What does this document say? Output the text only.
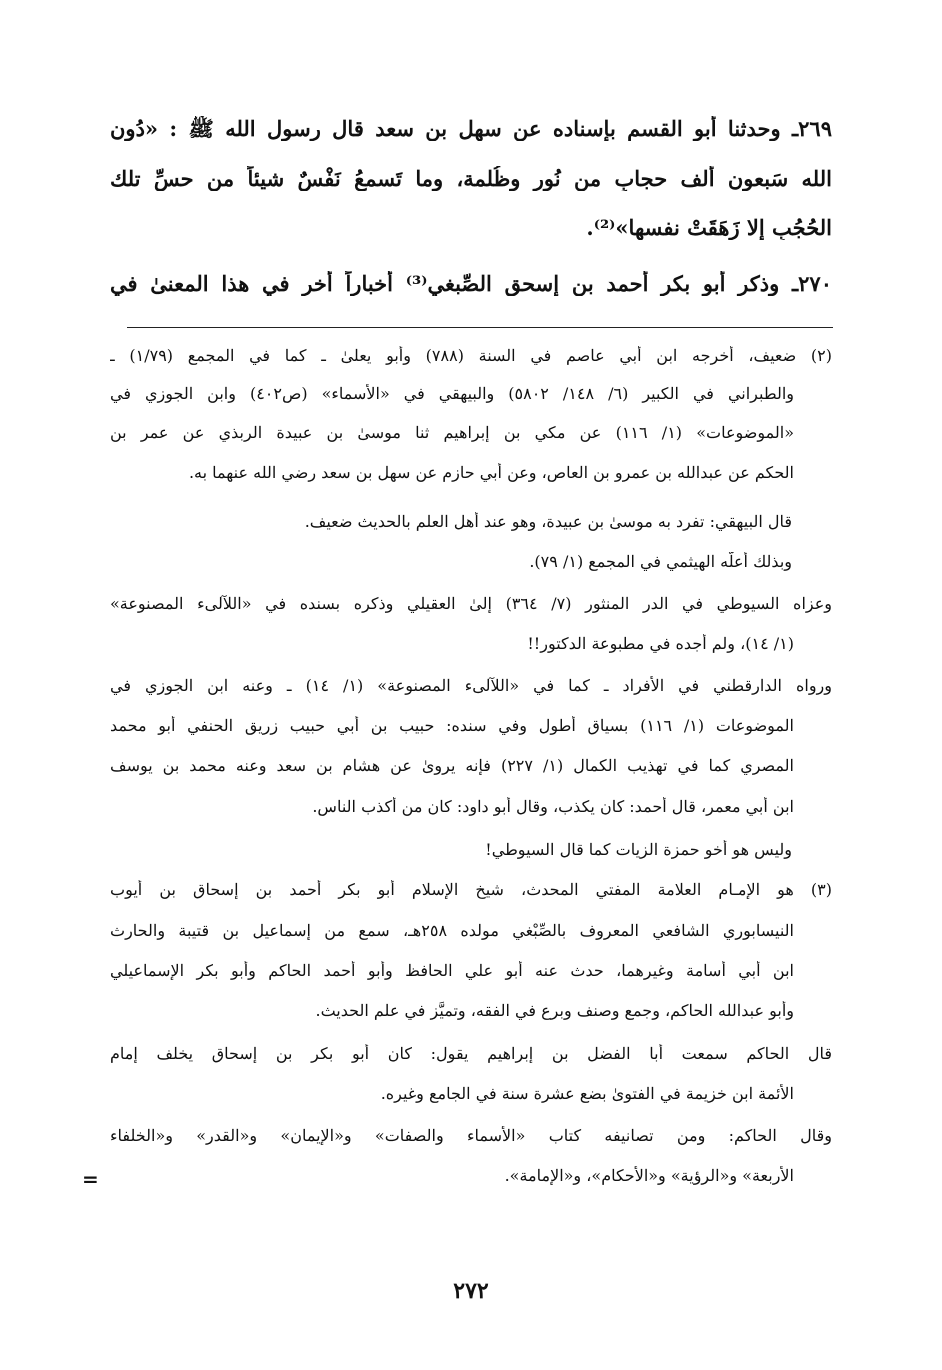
٢٦٩ـ وحدثنا أبو القسم بإسناده عن سهل بن سعد قال رسول الله ﷺ : «دُون
الله سَبعون ألف حجابٍ من نُور وظُلمة، وما تَسمعُ نَفْسٌ شيئاً من حسِّ تلك
الحُجُبِ إلا زَهَقَتْ نفسها»⁽²⁾.
٢٧٠ـ وذكر أبو بكر أحمد بن إسحق الصِّبغي⁽³⁾ أخباراً أُخر في هذا المعنىٰ في
(٢) ضعيف، أخرجه ابن أبي عاصم في السنة (٧٨٨) وأبو يعلىٰ ـ كما في المجمع (١/٧٩) ـ
والطبراني في الكبير (٦/ ١٤٨/ ٥٨٠٢) والبيهقي في «الأسماء» (ص٤٠٢) وابن الجوزي في
«الموضوعات» (١/ ١١٦) عن مكي بن إبراهيم ثنا موسىٰ بن عبيدة الربذي عن عمر بن
الحكم عن عبدالله بن عمرو بن العاص، وعن أبي حازم عن سهل بن سعد رضي الله عنهما به.
قال البيهقي: تفرد به موسىٰ بن عبيدة، وهو عند أهل العلم بالحديث ضعيف.
وبذلك أعلّه الهيثمي في المجمع (١/ ٧٩).
وعزاه السيوطي في الدر المنثور (٧/ ٣٦٤) إلىٰ العقيلي وذكره بسنده في «اللآلىء المصنوعة»
(١/ ١٤)، ولم أجده في مطبوعة الدكتور!!
ورواه الدارقطني في الأفراد ـ كما في «اللآلىء المصنوعة» (١/ ١٤) ـ وعنه ابن الجوزي في
الموضوعات (١/ ١١٦) بسياقٍ أطول وفي سنده: حبيب بن أبي حبيب زريق الحنفي أبو محمد
المصري كما في تهذيب الكمال (١/ ٢٢٧) فإنه يروىٰ عن هشام بن سعد وعنه محمد بن يوسف
ابن أبي معمر، قال أحمد: كان يكذب، وقال أبو داود: كان من أكذب الناس.
وليس هو أخو حمزة الزيات كما قال السيوطي!
(٣) هو الإمـام العلامة المفتي المحدث، شيخ الإسلام أبو بكر أحمد بن إسحاق بن أيوب
النيسابوري الشافعي المعروف بالصِّبْغي مولده ٢٥٨هـ، سمع من إسماعيل بن قتيبة والحارث
ابن أبي أُسامة وغيرهما، حدث عنه أبو علي الحافظ وأبو أحمد الحاكم وأبو بكر الإسماعيلي
وأبو عبدالله الحاكم، وجمع وصنف وبرع في الفقه، وتميَّز في علم الحديث.
قال الحاكم سمعت أبا الفضل بن إبراهيم يقول: كان أبو بكر بن إسحاق يخلف إمام
الأئمة ابن خزيمة في الفتوىٰ بضع عشرة سنة في الجامع وغيره.
وقال الحاكم: ومن تصانيفه كتاب «الأسماء والصفات» و«الإيمان» و«القدر» و«الخلفاء
الأربعة» و«الرؤية» و«الأحكام»، و«الإمامة».
=
٢٧٢
